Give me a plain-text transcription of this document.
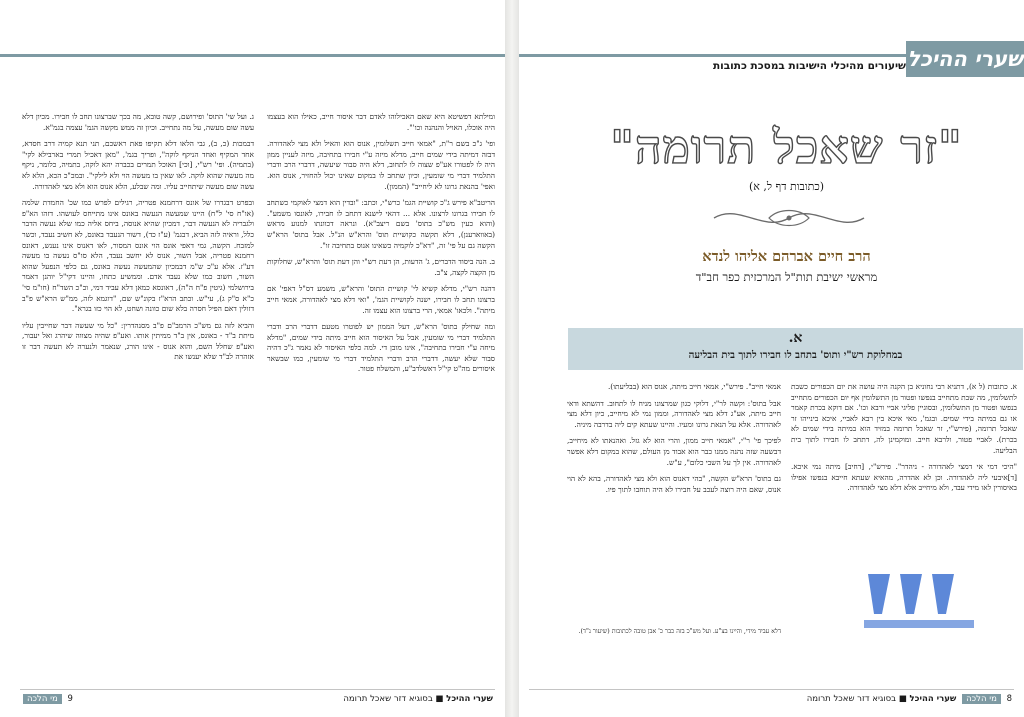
ומילתא דפשיטא היא שאם האכילוהו לאדם דבר איסור חייב, כאילו הוא בעצמו היה אוכלו, האויל והנהנה וכו'".

ופי' ג"כ בשם ר"ת, "אמאי חייב תשלומין, אנוס הוא והאיל ולא מצי לאהדורה. דבזה דמיתה בידי שמים חייב, מדלא מיזה ע"י חבירו בתחיבה, מיזה לעניין ממון היה לו לפטורו אע"פ שצוה לו לתחוב, דלא היה סבור שיעשה, דדברי הרב ודברי התלמיד דברי מי שומעין, וכיון שתחב לו במקום שאינו יכול להחזיר, אנוס הוא. ואפי' בהנאת גרונו לא ליחייב" (הממון).

הריטב"א פירש ג"כ קושיית הגמ' כרש"י, וכתב: "ובדין הוא דמצי לאוקמי כשתחב לו חבירו בגרונו לרצונו. אלא ... דהאי לישנא דתחב לו חבירו, לאונסו משמע". (והוא כעין מש"כ בתוס' בשם ריצב"א). ונראה דכוונתו למנוע מראש (באווארענן), דלא תקשה כקושיית תוס' והרא"ש הנ"ל. אבל בתוס' הרא"ש הקשה גם על פי' זה, "דא"כ לוקמיה כשאינו אנוס בתחיבה זו".

ב. הנה ביסוד הדברים, ג' הדעות, הן דעת רש"י והן דעת תוס' והרא"ש, שחלוקות מן הקצה לקצה, צ"ב.

דהנה רש"י, מדלא קשיא לי' קושיית התוס' והרא"ש, משמע דס"ל דאפי' אם ברצונו תחב לו חבירו, ישנה לקושיית הגמ', "ואי דלא מצי לאהדורה, אמאי חייב מיתה". ולכאו' אמאי, הרי ברצונו הוא עצמו זה.

ומה שחילק בתוס' הרא"ש, דעל הממון יש לפוטרו מטעם דדברי הרב ודברי התלמיד דברי מי שומעין, אבל על האיסור הוא חייב מיתה בידי שמים, "מדלא מיחה ע"י חבירו בתחיבה", אינו מובן די. למה כלפי האיסור לא נאמר ג"כ דהיה סבור שלא יעשה, דדברי הרב ודברי התלמיד דברי מי שומעין, כמו שבשאר איסורים מה"ט קי"ל דאשלדב"ע, והמשלח פטור.

ג. ועל שי' התוס' ופירושם, קשה טובא, מה בכך שברצונו תחב לו חבירו. מכיון דלא עשה שום מעשה, על מה נתחייב. וכיון זה ממש מקשה הגמ' עצמה בגמ"א.

דבמכות (כ, ב), גבי הלאו דלא תקיפו פאת ראשכם, תני תנא קמיה דרב חסדא, אחד המקיף ואחד הניקף לוקה", ופריך בגמ', "מאן דאכיל תמרי בארבילא לקי" (בתמיה). ופי' רש"י, [וכי] האוכל תמרים בכברה יהא לוקה, בתמיה, כלומר, ניקף מה מעשה שהוא לוקה. לאו שאין בו מעשה הוי ולא לילקי". ובמכ"כ הכא, הלא לא עשה שום מעשה שיתחייב עליו. ומה שבלע, הלא אנוס הוא ולא מצי לאהדורה.

ובפרט דבגדרו של אונס דרחמנא פטריה, רגילים לפרש כמו שכ' החמדת שלמה (או"ח סי' ל"ח) היינו שמעשה הנעשה באונס אינו מתייחס לעושהו. דזהו הא"פ ולגבריה לא הנעשה דבר, דמכיון שהיא אנוסה, ביחס אליה כמו שלא נעשה הדבר כלל, וראיה לזה הביא, דבגמ' (ע"ז כד), דשור הנעבד באונס, לא חשיב נעבד, וכשר למזבח. הקשה, גמי דאפי אונס הוי אונס המסור, לאו דאנוס אינו נענש, דאונס רחמנא פטריה, אבל השור, אנוס לא יחשב נעבד, הלא סו"ס נעשה בו מעשה דע"ז. אלא ע"כ ש"מ דבמכיון שהמעשה נעשה באונס, גם כלפי הנפעל שהוא השור, חשוב כמו שלא נעבד אדם. וממשיע כתחו, והיינו דקי"ל יוהנן דאמר בירושלמי (גיטין פ"ח ה"ה), דאונסא כמאן דלא עביד דמי, וכ"כ השד"ח (חו"מ סי' כ"א ס"ק ג), עי"ש. וכתב הרא"ז בקונ"ש שם, "דוגמא לזה, ממ"ש הרא"ש פ"ב דזולין דאם הפיל חסרה בלא שום כוונה ושחט, לא הוי כזו בגרא".

והביא לזה גם מש"כ הרמב"ם פ"ב מסנהדרין: "כל מי שעשה דבר שחייבין עליו מיתת ב"ד - באונס, אין ב"ד ממיתין אותו. ואע"פ שהיה מצווה שיהרג ואל יעבור, ואע"פ שחלל השם, והוא אנוס - אינו הורג, שנאמר ולנערה לא תעשה דבר זו אזהרה לב"ד שלא יענשו את

9 מי הלכה	שערי ההיכל ■ בסוגיא דזר שאכל תרומה
שערי ההיכל
שיעורים מהיכלי הישיבות במסכת כתובות
"זר שאכל תרומה"
(כתובות דף ל, א)
הרב חיים אברהם אליהו לנדא
מראשי ישיבת תות"ל המרכזית כפר חב"ד
א.
במחלוקת רש"י ותוס' בתחב לו חבירו לתוך בית הבליעה

א. כתובות (ל א), דתניא רבי נחוניא בן הקנה היה עושה את יום הכפורים כשבת לתשלומין, מה שבת מתחייב בנפשו ופטור מן התשלומין אף יום הכפורים מתחייב בנפשו ופטור מן התשלומין, ובסוגיין פליגי אביי ורבא וכו'. אם דוקא בכרת קאמר או גם במיתה בידי שמים. ובגמ', מאי איכא בין רבא לאביי, איכא בינייהו זר שאכל תרומה, (פירש"י, זר שאכל תרומה במזיד הוא במיתה בידי שמים לא בכרת). לאביי פטור, ולרבא חייב. ומוקמינן לה, דתחב לו חבירו לתוך בית הבליעה.

"היכי דמי אי דמצי לאהדורה - ניהדר". פירש"י, [דחיב] מיתה נמי איכא. [ד]איבעי ליה לאהדורה. וכן לא אהדרה, מהאיא שעתא חייבא בנפשו אפילו באיסורין לאו מידי עבד, ולא מיחייב אלא דלא מצי לאהדורה.

אמאי חייב". פירש"י, אמאי חייב מיתה, אנוס הוא (בבליעתו).

אבל בתוס': וקשה לר"י, דלוקי כגון שמרצונו מניח לו לתחוב. דהשתא ודאי חייב מיתה, אע"ג דלא מצי לאהדורה, וממון נמי לא מיחייב, כיון דלא מצי לאהדורה. אלא על הנאת גרונו ומעיו. והיינו שעתא קים ליה בדרבה מיניה.

לפיכך פי' ר"י, "אמאי חייב ממון, והרי הוא לא גזל. ואהנאתו לא מיחייב, דבשעה שזה נהנה ממנו כבר הוא אבוד מן העולם, שהוא במקום דלא אפשר לאהדורה. אין לך על השבי כלום", ע"ש.

גם בתוס' הרא"ש הקשה, "בהי דאנוס הוא ולא מצי לאהדורה, בהא לא הוי אנוס, שאם היה רוצה לעכב על חבירו לא היה תוחבו לתוך פיו.

דלא עביד מידי, והיינו בצ"ע. ועל מש"כ בזה כבר כ' אבן טובה לכתובות (שיעור נ"ד).
8 מי הלכה שערי ההיכל ■ בסוגיא דזר שאכל תרומה
